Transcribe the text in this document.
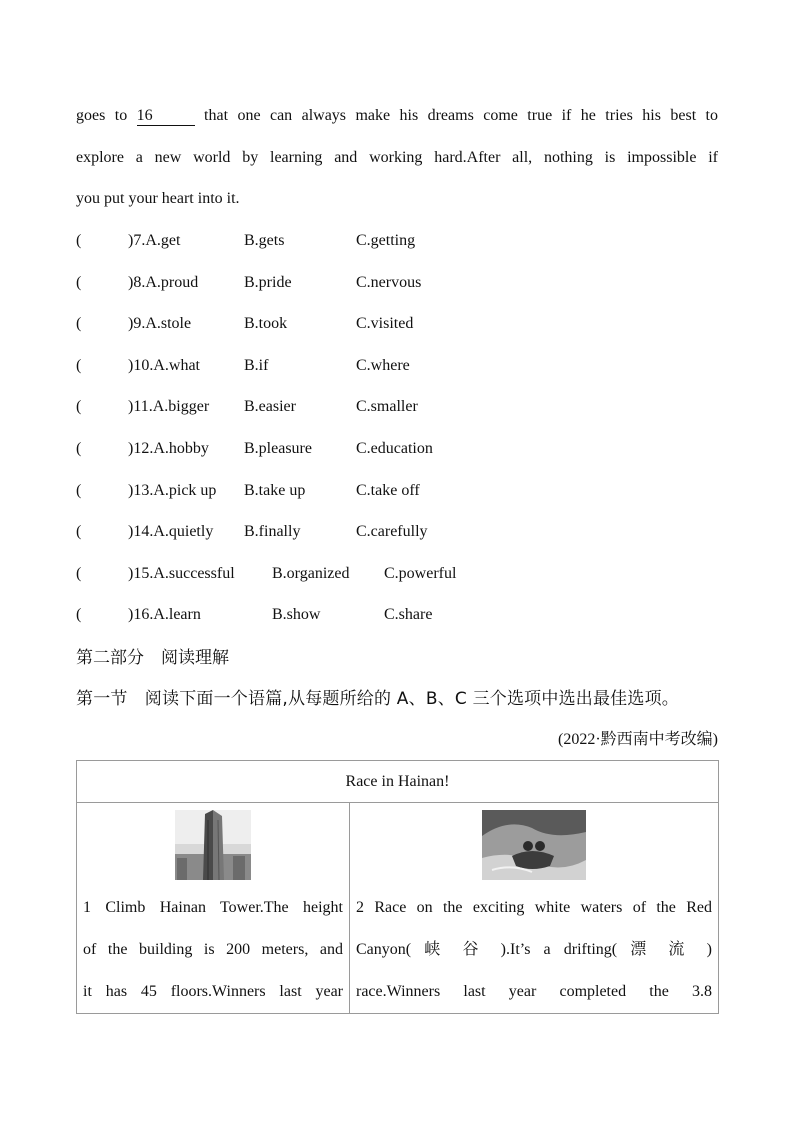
goes to 16	that one can always make his dreams come true if he tries his best to
explore a new world by learning and working hard.After all, nothing is impossible if
you put your heart into it.
(	)7.A.get	B.gets	C.getting
(	)8.A.proud	B.pride	C.nervous
(	)9.A.stole	B.took	C.visited
(	)10.A.what	B.if	C.where
(	)11.A.bigger B.easier	C.smaller
(	)12.A.hobby B.pleasure	C.education
(	)13.A.pick up B.take up	C.take off
(	)14.A.quietly B.finally	C.carefully
(	)15.A.successful B.organized C.powerful
(	)16.A.learn	B.show	C.share
第二部分　阅读理解
第一节　阅读下面一个语篇,从每题所给的 A、B、C 三个选项中选出最佳选项。
(2022·黔西南中考改编)
Race in Hainan!

1 Climb Hainan Tower.The height
of the building is 200 meters, and
it has 45 floors.Winners last year

2 Race on the exciting white waters of the Red
Canyon( 峡 谷 ).It’s a drifting( 漂 流 )
race.Winners last year completed the 3.8
